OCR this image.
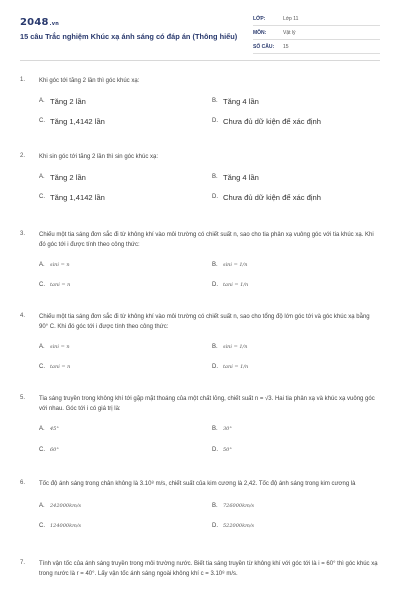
2048.vn
15 câu Trắc nghiệm Khúc xạ ánh sáng có đáp án (Thông hiểu)
LỚP:	Lớp 11
MÔN:	Vật lý
SỐ CÂU:	15
1. Khi góc tới tăng 2 lần thì góc khúc xạ:
A. Tăng 2 lần	B. Tăng 4 lần
C. Tăng 1,4142 lần	D. Chưa đủ dữ kiện để xác định
2. Khi sin góc tới tăng 2 lần thì sin góc khúc xạ:
A. Tăng 2 lần	B. Tăng 4 lần
C. Tăng 1,4142 lần	D. Chưa đủ dữ kiện để xác định
3. Chiếu một tia sáng đơn sắc đi từ không khí vào môi trường có chiết suất n, sao cho tia phản xạ vuông góc với tia khúc xạ. Khi đó góc tới i được tính theo công thức:
A.	sini = n	B.	sini = 1/n
C.	tani = n	D.	tani = 1/n
4. Chiếu một tia sáng đơn sắc đi từ không khí vào môi trường có chiết suất n, sao cho tổng độ lớn góc tới và góc khúc xạ bằng 90° C. Khi đó góc tới i được tính theo công thức:
A.	sini = n	B.	sini = 1/n
C.	tani = n	D.	tani = 1/n
5. Tia sáng truyền trong không khí tới gặp mặt thoáng của một chất lỏng, chiết suất n = √3. Hai tia phản xạ và khúc xạ vuông góc với nhau. Góc tới i có giá trị là:
A.	45°	B.	30°
C.	60°	D.	50°
6. Tốc độ ánh sáng trong chân không là 3.10⁸ m/s, chiết suất của kim cương là 2,42. Tốc độ ánh sáng trong kim cương là
A.	242000km/s	B.	726000km/s
C.	124000km/s	D.	522000km/s
7. Tính vận tốc của ánh sáng truyền trong môi trường nước. Biết tia sáng truyền từ không khí với góc tới là i = 60° thì góc khúc xạ trong nước là r = 40°. Lấy vận tốc ánh sáng ngoài không khí c = 3.10⁸ m/s.
